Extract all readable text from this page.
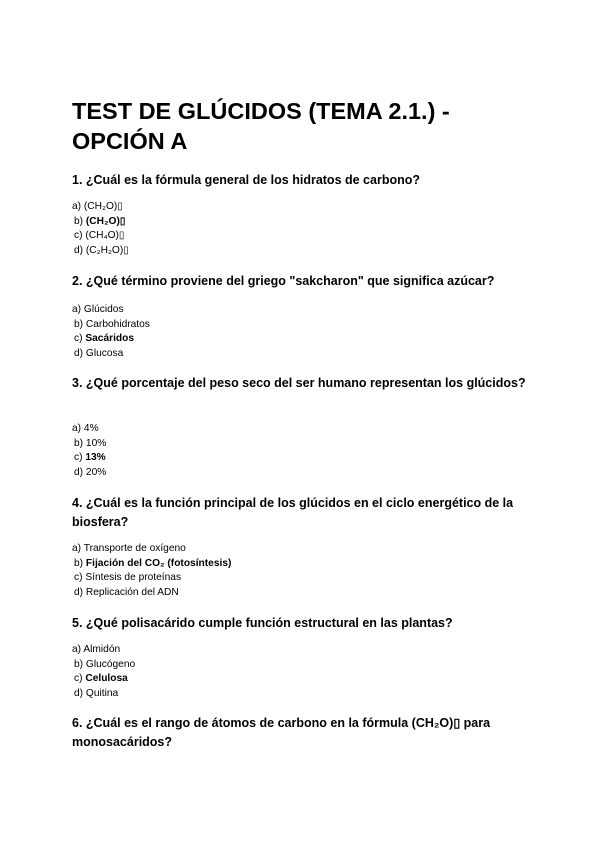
TEST DE GLÚCIDOS (TEMA 2.1.) - OPCIÓN A

1. ¿Cuál es la fórmula general de los hidratos de carbono?

a) (CH₂O)▯
b) (CH₂O)▯
c) (CH₄O)▯
d) (C₂H₂O)▯

2. ¿Qué término proviene del griego "sakcharon" que significa azúcar?

a) Glúcidos
b) Carbohidratos
c) Sacáridos
d) Glucosa

3. ¿Qué porcentaje del peso seco del ser humano representan los glúcidos?

a) 4%
b) 10%
c) 13%
d) 20%

4. ¿Cuál es la función principal de los glúcidos en el ciclo energético de la biosfera?

a) Transporte de oxígeno
b) Fijación del CO₂ (fotosíntesis)
c) Síntesis de proteínas
d) Replicación del ADN

5. ¿Qué polisacárido cumple función estructural en las plantas?

a) Almidón
b) Glucógeno
c) Celulosa
d) Quitina

6. ¿Cuál es el rango de átomos de carbono en la fórmula (CH₂O)▯ para monosacáridos?
